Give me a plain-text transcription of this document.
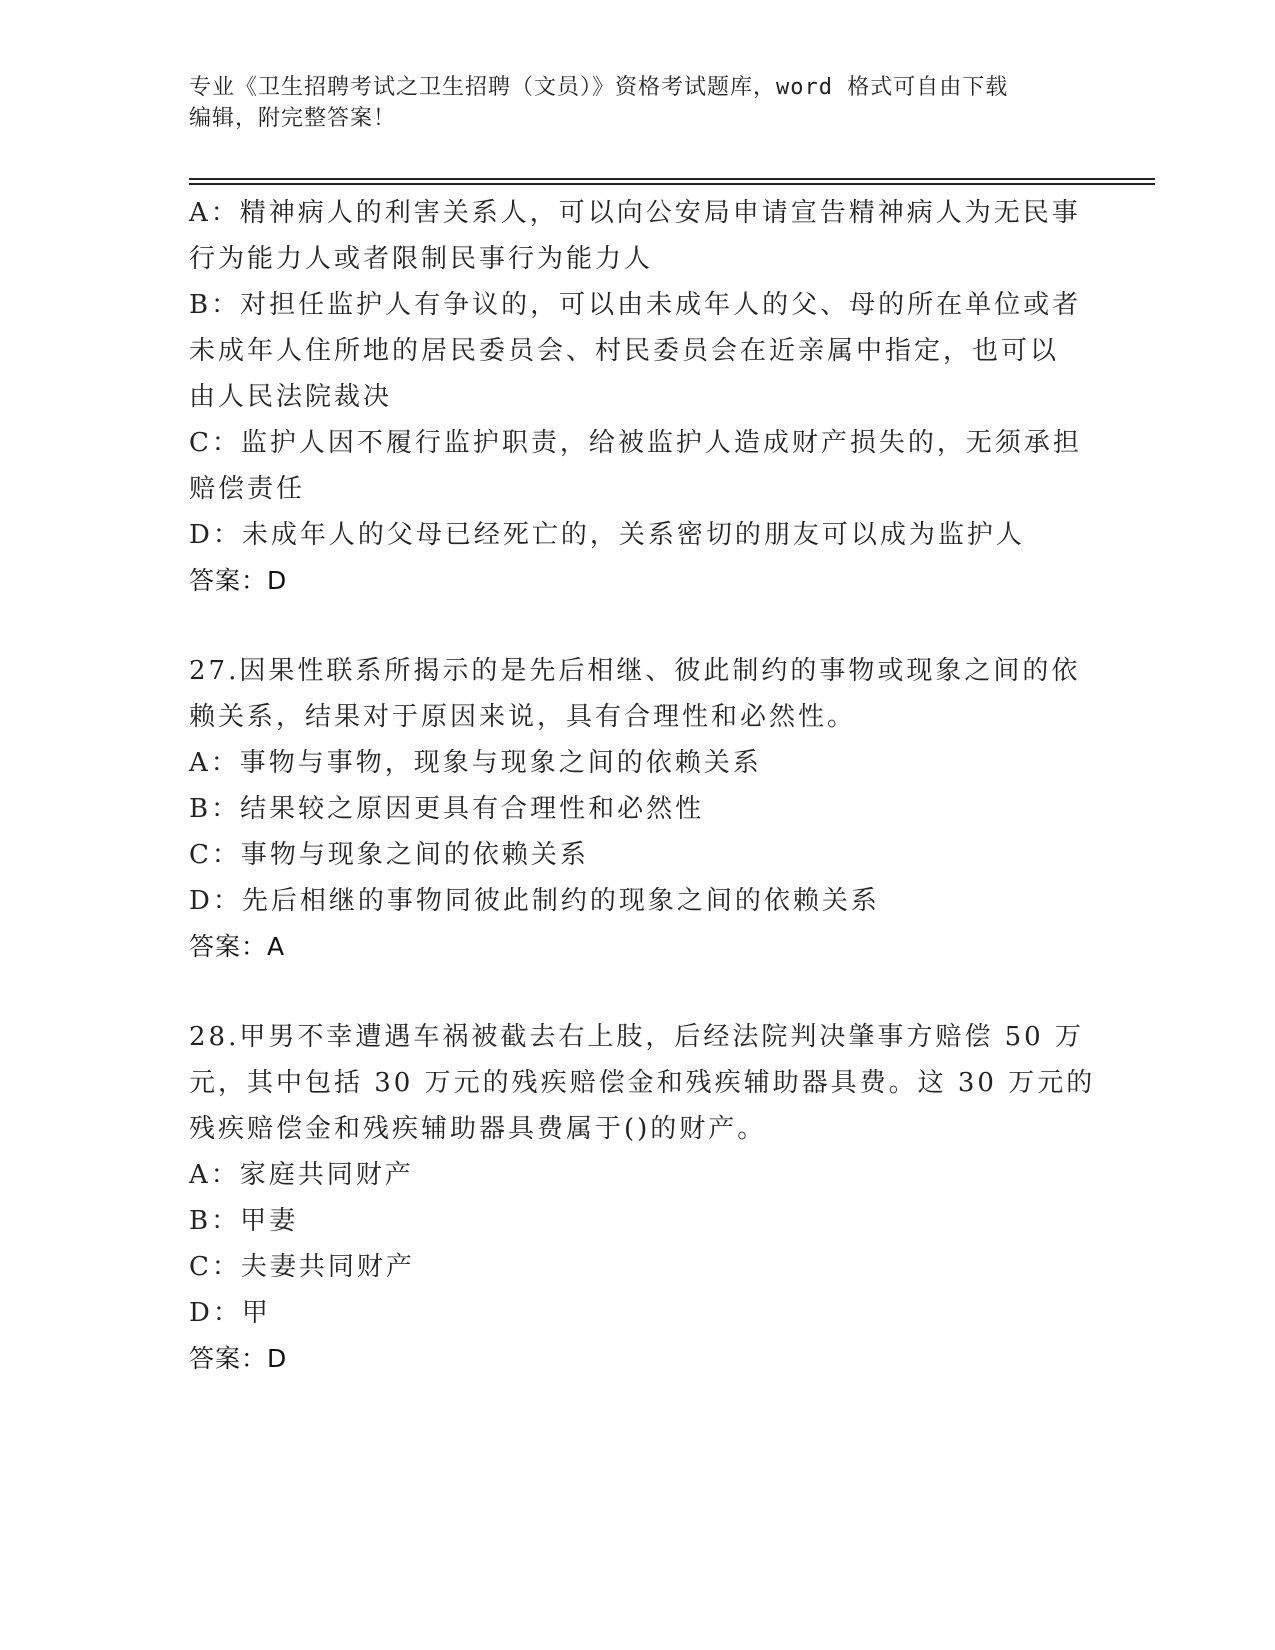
专业《卫生招聘考试之卫生招聘（文员）》资格考试题库，word 格式可自由下载
编辑，附完整答案！
A：精神病人的利害关系人，可以向公安局申请宣告精神病人为无民事
行为能力人或者限制民事行为能力人
B：对担任监护人有争议的，可以由未成年人的父、母的所在单位或者
未成年人住所地的居民委员会、村民委员会在近亲属中指定，也可以
由人民法院裁决
C：监护人因不履行监护职责，给被监护人造成财产损失的，无须承担
赔偿责任
D：未成年人的父母已经死亡的，关系密切的朋友可以成为监护人
答案：D
27.因果性联系所揭示的是先后相继、彼此制约的事物或现象之间的依
赖关系，结果对于原因来说，具有合理性和必然性。
A：事物与事物，现象与现象之间的依赖关系
B：结果较之原因更具有合理性和必然性
C：事物与现象之间的依赖关系
D：先后相继的事物同彼此制约的现象之间的依赖关系
答案：A
28.甲男不幸遭遇车祸被截去右上肢，后经法院判决肇事方赔偿 50 万
元，其中包括 30 万元的残疾赔偿金和残疾辅助器具费。这 30 万元的
残疾赔偿金和残疾辅助器具费属于()的财产。
A：家庭共同财产
B：甲妻
C：夫妻共同财产
D：甲
答案：D
